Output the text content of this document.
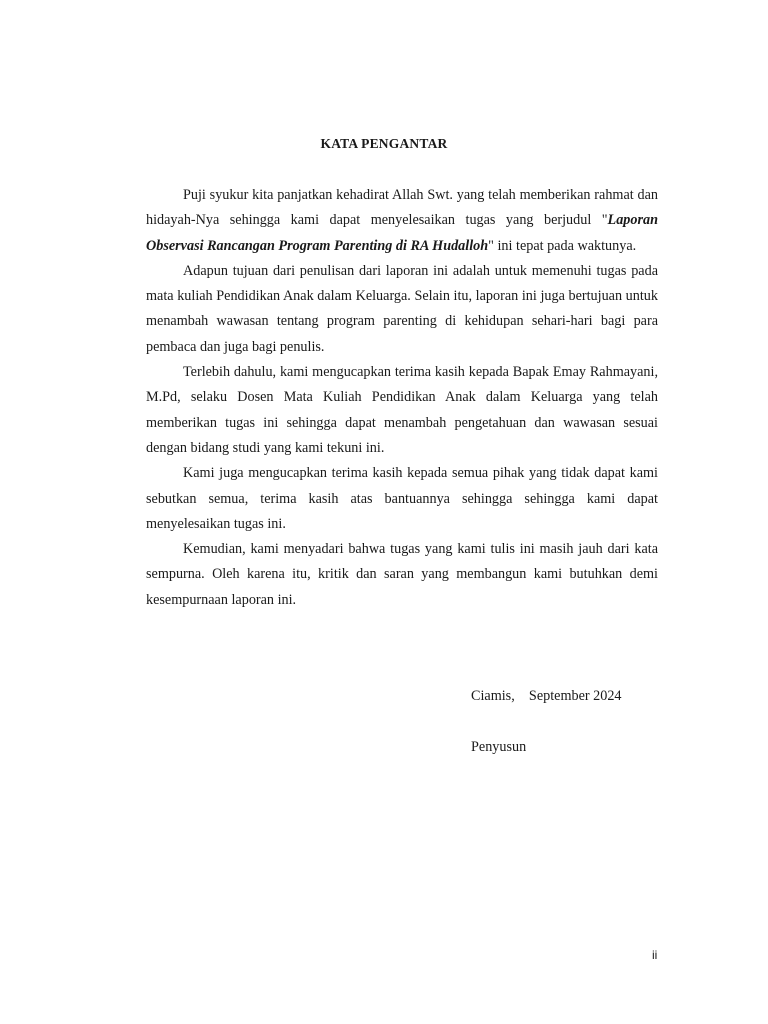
KATA PENGANTAR

Puji syukur kita panjatkan kehadirat Allah Swt. yang telah memberikan rahmat dan hidayah-Nya sehingga kami dapat menyelesaikan tugas yang berjudul "Laporan Observasi Rancangan Program Parenting di RA Hudalloh" ini tepat pada waktunya.

Adapun tujuan dari penulisan dari laporan ini adalah untuk memenuhi tugas pada mata kuliah Pendidikan Anak dalam Keluarga. Selain itu, laporan ini juga bertujuan untuk menambah wawasan tentang program parenting di kehidupan sehari-hari bagi para pembaca dan juga bagi penulis.

Terlebih dahulu, kami mengucapkan terima kasih kepada Bapak Emay Rahmayani, M.Pd, selaku Dosen Mata Kuliah Pendidikan Anak dalam Keluarga yang telah memberikan tugas ini sehingga dapat menambah pengetahuan dan wawasan sesuai dengan bidang studi yang kami tekuni ini.

Kami juga mengucapkan terima kasih kepada semua pihak yang tidak dapat kami sebutkan semua, terima kasih atas bantuannya sehingga sehingga kami dapat menyelesaikan tugas ini.

Kemudian, kami menyadari bahwa tugas yang kami tulis ini masih jauh dari kata sempurna. Oleh karena itu, kritik dan saran yang membangun kami butuhkan demi kesempurnaan laporan ini.

Ciamis,    September 2024
Penyusun
ii
